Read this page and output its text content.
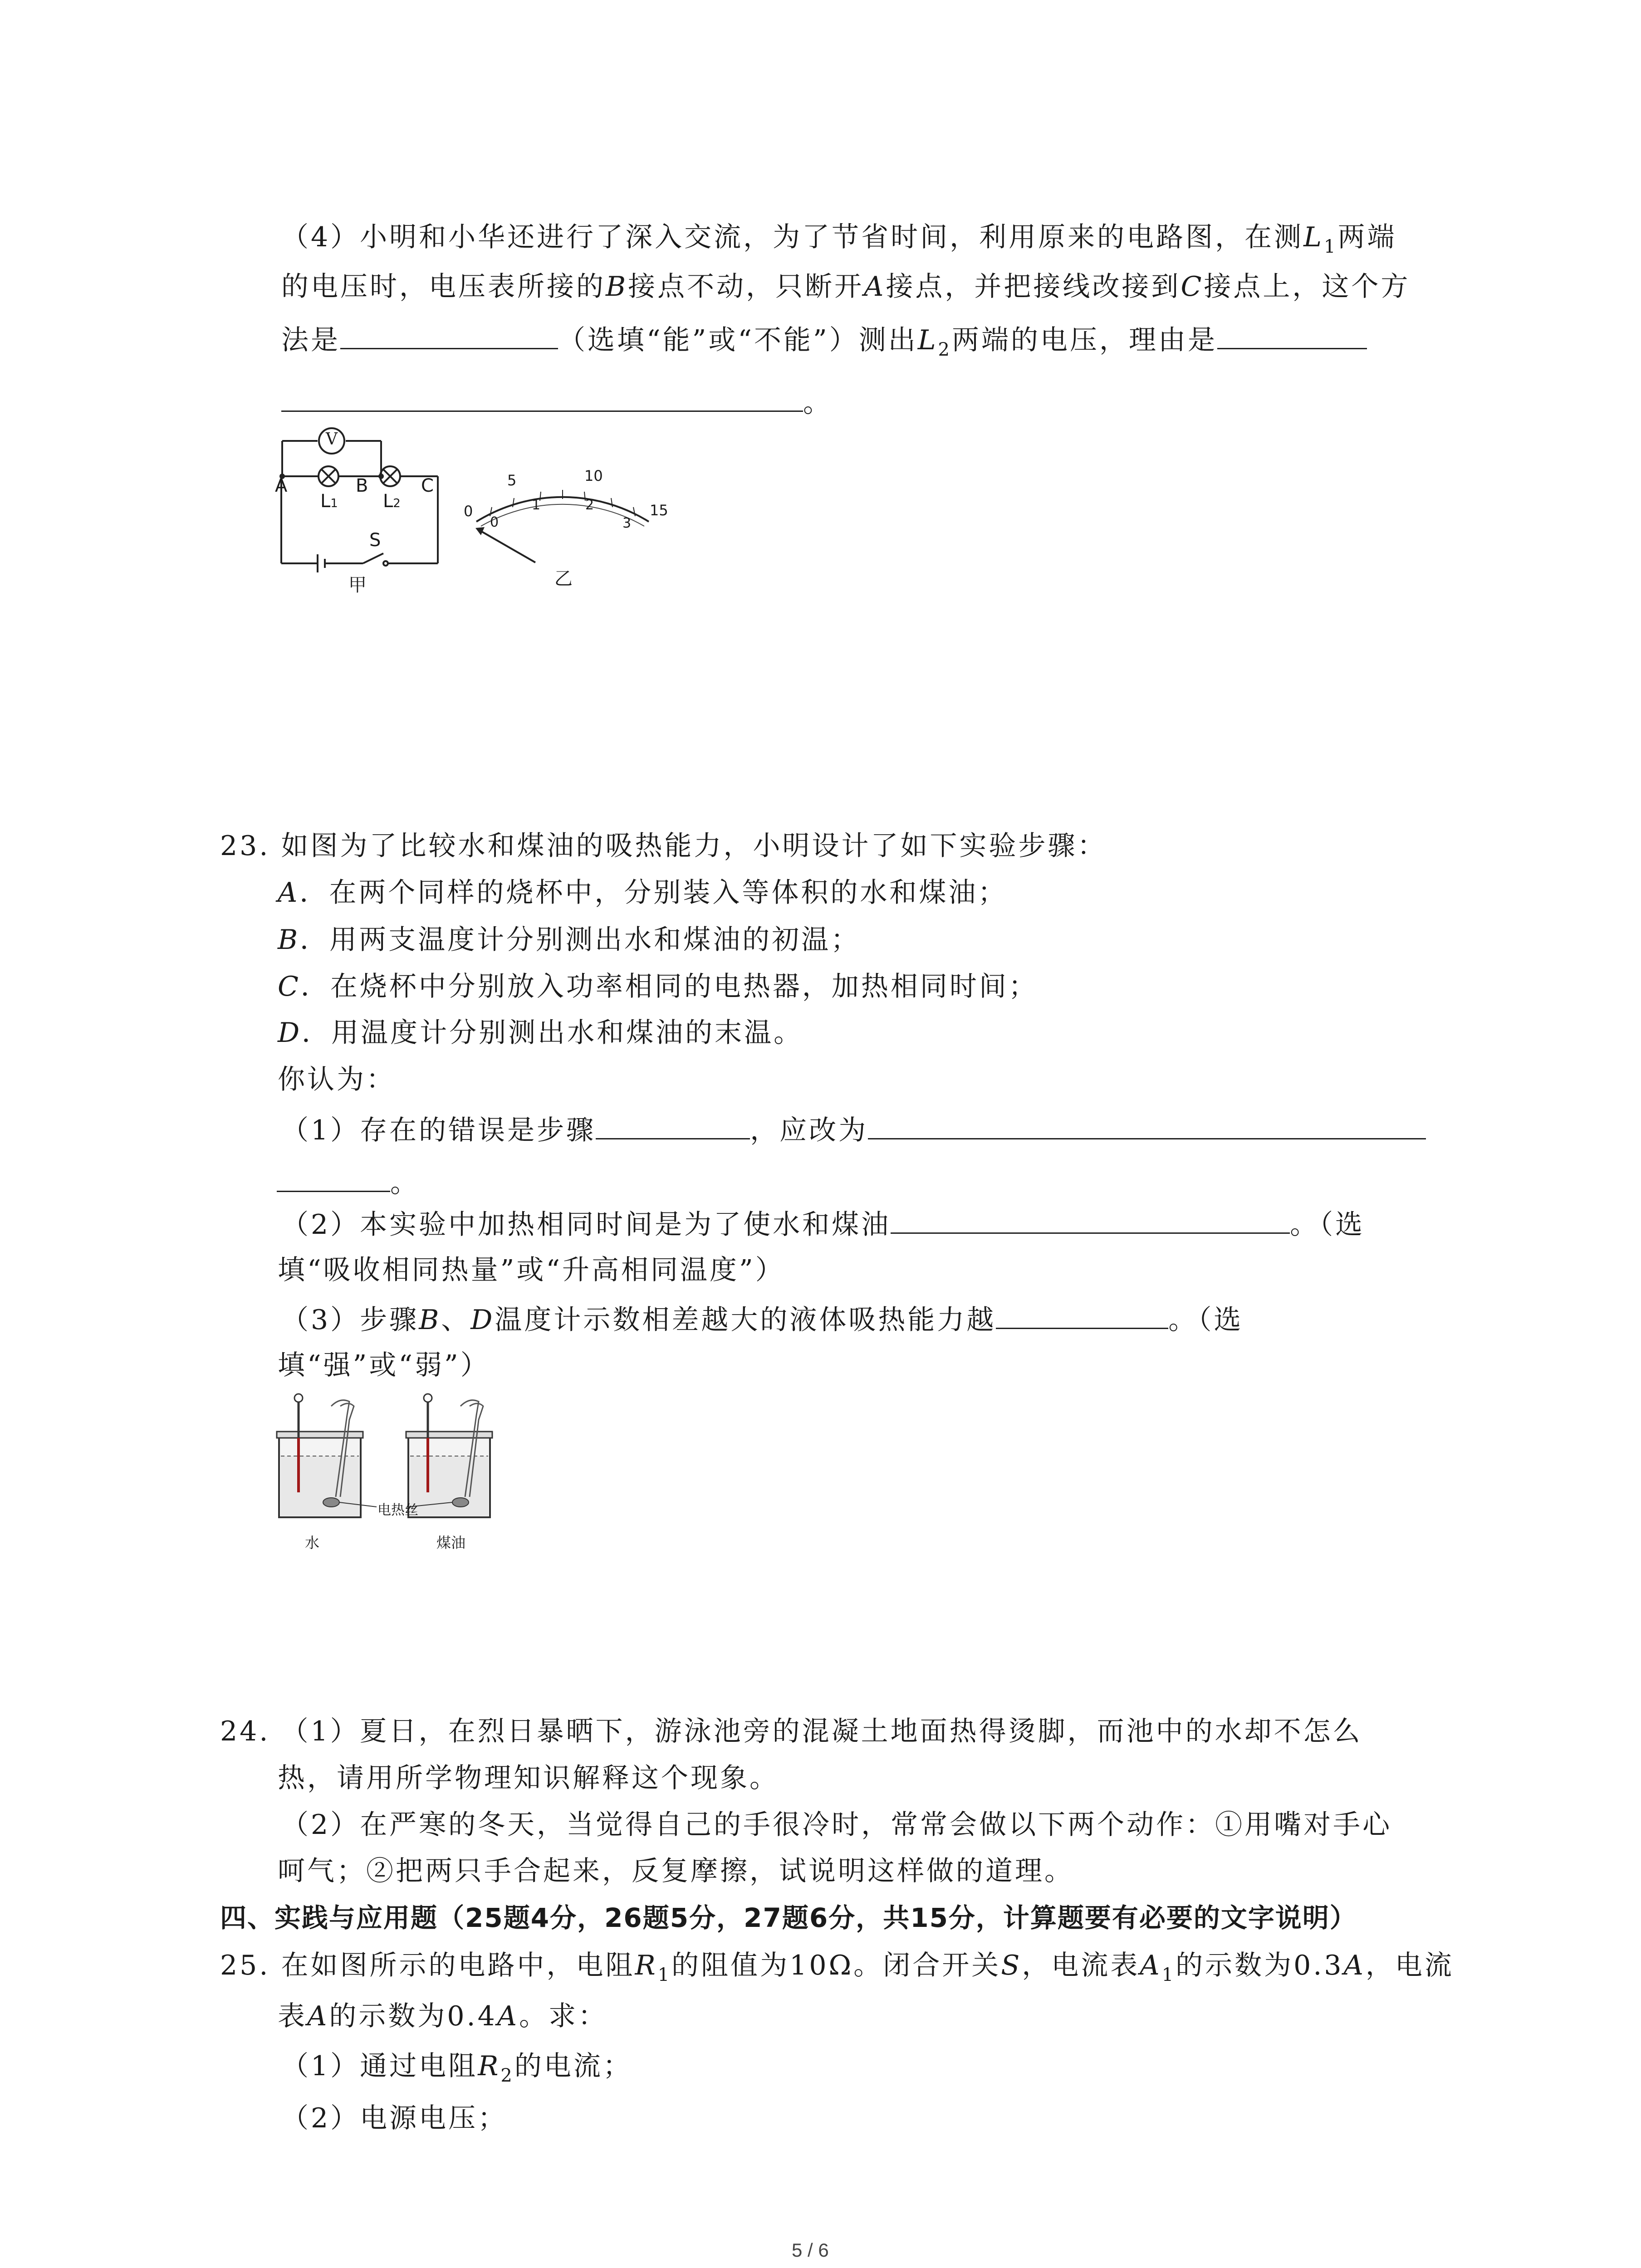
（4）小明和小华还进行了深入交流，为了节省时间，利用原来的电路图，在测$L_1$两端
的电压时，电压表所接的B接点不动，只断开A接点，并把接线改接到C接点上，这个方
法是	（选填“能”或“不能”）测出$L_2$两端的电压，理由是
。
V
A	B	C
L1 L2
S
甲
0
5	10
15
0
1	2
3
乙
23. 如图为了比较水和煤油的吸热能力，小明设计了如下实验步骤：
A．在两个同样的烧杯中，分别装入等体积的水和煤油；
B．用两支温度计分别测出水和煤油的初温；
C．在烧杯中分别放入功率相同的电热器，加热相同时间；
D．用温度计分别测出水和煤油的末温。
你认为：
（1）存在的错误是步骤	，应改为
。
（2）本实验中加热相同时间是为了使水和煤油	。（选
填“吸收相同热量”或“升高相同温度”）
（3）步骤B、D温度计示数相差越大的液体吸热能力越	。（选
填“强”或“弱”）
电热丝
水	煤油
24. （1）夏日，在烈日暴晒下，游泳池旁的混凝土地面热得烫脚，而池中的水却不怎么
热，请用所学物理知识解释这个现象。
（2）在严寒的冬天，当觉得自己的手很冷时，常常会做以下两个动作：①用嘴对手心
呵气；②把两只手合起来，反复摩擦，试说明这样做的道理。
四、实践与应用题（25题4分，26题5分，27题6分，共15分，计算题要有必要的文字说明）
25. 在如图所示的电路中，电阻$R_1$的阻值为10Ω。闭合开关S，电流表$A_1$的示数为0.3A，电流
表A的示数为0.4A。求：
（1）通过电阻$R_2$的电流；
（2）电源电压；
5 / 6
